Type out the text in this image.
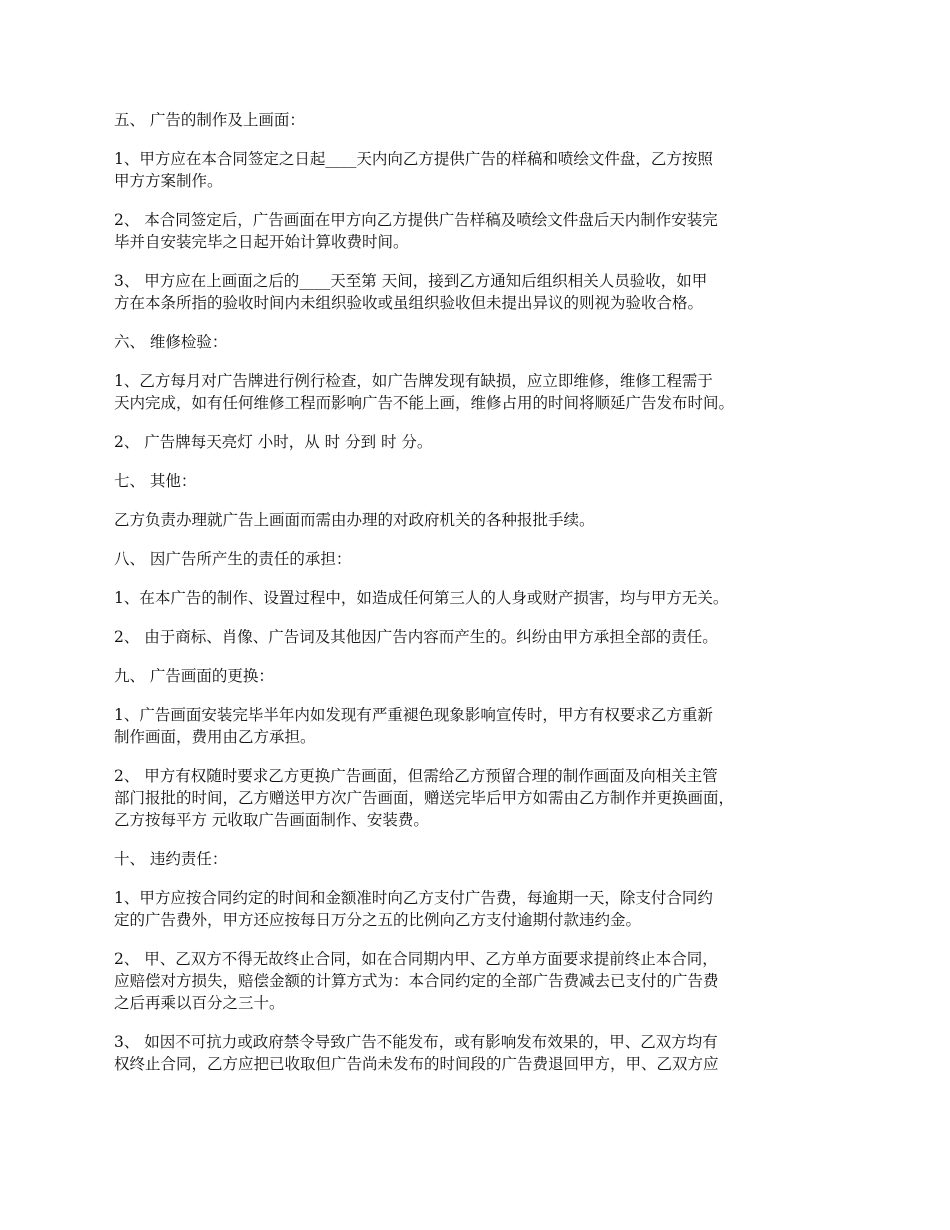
五、 广告的制作及上画面：

1、甲方应在本合同签定之日起____天内向乙方提供广告的样稿和喷绘文件盘，乙方按照
甲方方案制作。

2、 本合同签定后，广告画面在甲方向乙方提供广告样稿及喷绘文件盘后天内制作安装完
毕并自安装完毕之日起开始计算收费时间。

3、 甲方应在上画面之后的____天至第 天间，接到乙方通知后组织相关人员验收，如甲
方在本条所指的验收时间内未组织验收或虽组织验收但未提出异议的则视为验收合格。

六、 维修检验：

1、乙方每月对广告牌进行例行检查，如广告牌发现有缺损，应立即维修，维修工程需于
天内完成，如有任何维修工程而影响广告不能上画，维修占用的时间将顺延广告发布时间。

2、 广告牌每天亮灯 小时，从 时 分到 时 分。

七、 其他：

乙方负责办理就广告上画面而需由办理的对政府机关的各种报批手续。

八、 因广告所产生的责任的承担：

1、在本广告的制作、设置过程中，如造成任何第三人的人身或财产损害，均与甲方无关。

2、 由于商标、肖像、广告词及其他因广告内容而产生的。纠纷由甲方承担全部的责任。

九、 广告画面的更换：

1、广告画面安装完毕半年内如发现有严重褪色现象影响宣传时，甲方有权要求乙方重新
制作画面，费用由乙方承担。

2、 甲方有权随时要求乙方更换广告画面，但需给乙方预留合理的制作画面及向相关主管
部门报批的时间，乙方赠送甲方次广告画面，赠送完毕后甲方如需由乙方制作并更换画面，
乙方按每平方 元收取广告画面制作、安装费。

十、 违约责任：

1、甲方应按合同约定的时间和金额准时向乙方支付广告费，每逾期一天，除支付合同约
定的广告费外，甲方还应按每日万分之五的比例向乙方支付逾期付款违约金。

2、 甲、乙双方不得无故终止合同，如在合同期内甲、乙方单方面要求提前终止本合同，
应赔偿对方损失，赔偿金额的计算方式为：本合同约定的全部广告费减去已支付的广告费
之后再乘以百分之三十。

3、 如因不可抗力或政府禁令导致广告不能发布，或有影响发布效果的，甲、乙双方均有
权终止合同，乙方应把已收取但广告尚未发布的时间段的广告费退回甲方，甲、乙双方应
